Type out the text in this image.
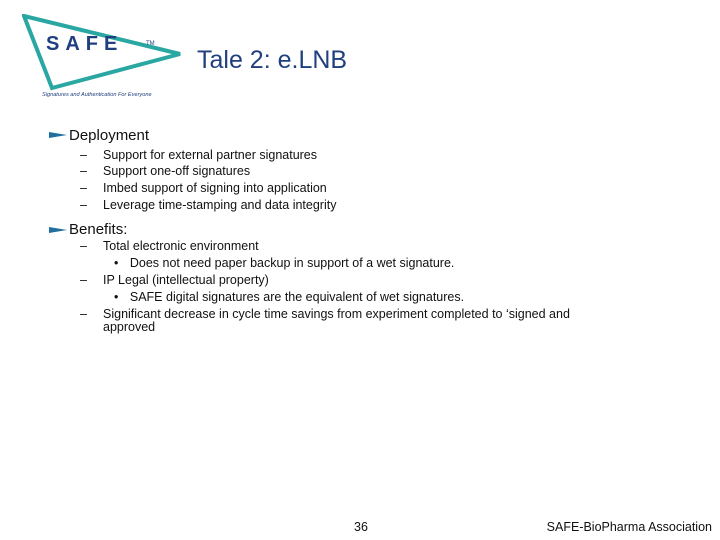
SAFE	TM
Signatures and Authentication For Everyone
Tale 2: e.LNB
Deployment
– Support for external partner signatures
– Support one-off signatures
– Imbed support of signing into application
– Leverage time-stamping and data integrity
Benefits:
– Total electronic environment
• Does not need paper backup in support of a wet signature.
– IP Legal (intellectual property)
• SAFE digital signatures are the equivalent of wet signatures.
– Significant decrease in cycle time savings from experiment completed to ‘signed and
approved
36	SAFE-BioPharma Association
